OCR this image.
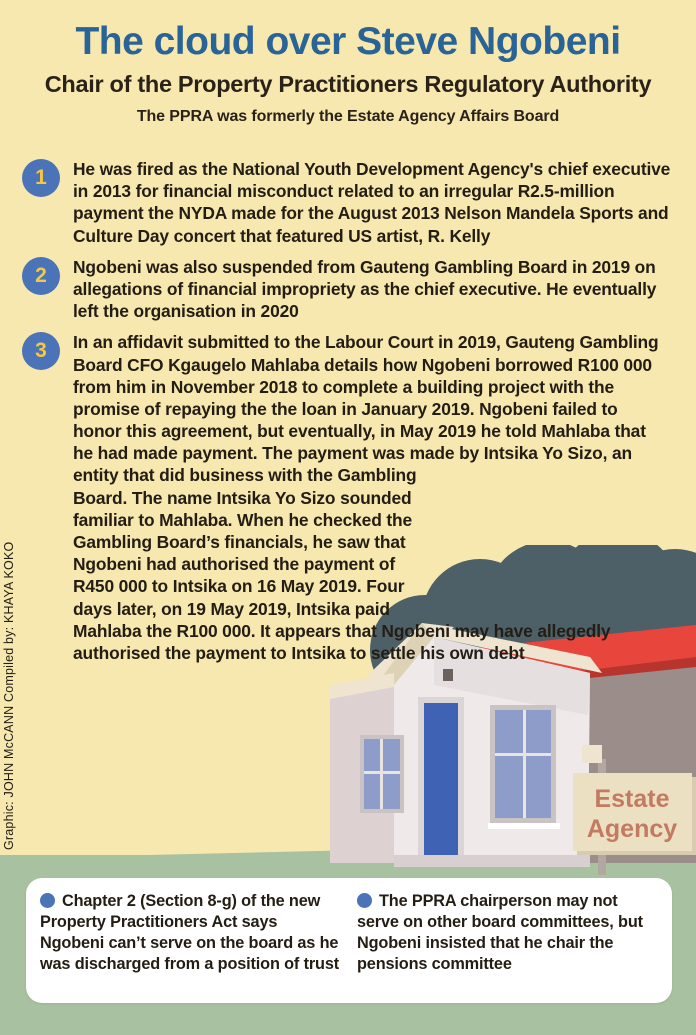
Estate
Agency
The cloud over Steve Ngobeni
Chair of the Property Practitioners Regulatory Authority
The PPRA was formerly the Estate Agency Affairs Board
1	He was fired as the National Youth Development Agency's chief executive in 2013 for financial misconduct related to an irregular R2.5-million payment the NYDA made for the August 2013 Nelson Mandela Sports and Culture Day concert that featured US artist, R. Kelly
2	Ngobeni was also suspended from Gauteng Gambling Board in 2019 on allegations of financial impropriety as the chief executive. He eventually left the organisation in 2020
3	In an affidavit submitted to the Labour Court in 2019, Gauteng Gambling Board CFO Kgaugelo Mahlaba details how Ngobeni borrowed R100 000 from him in November 2018 to complete a building project with the promise of repaying the the loan in January 2019. Ngobeni failed to honor this agreement, but eventually, in May 2019 he told Mahlaba that he had made payment. The payment was made by Intsika Yo Sizo, an entity that did business with the Gambling Board. The name Intsika Yo Sizo sounded familiar to Mahlaba. When he checked the Gambling Board’s financials, he saw that Ngobeni had authorised the payment of R450 000 to Intsika on 16 May 2019. Four days later, on 19 May 2019, Intsika paid Mahlaba the R100 000. It appears that Ngobeni may have allegedly authorised the payment to Intsika to settle his own debt
Graphic: JOHN McCANN Compiled by: KHAYA KOKO
Chapter 2 (Section 8-g) of the new Property Practitioners Act says Ngobeni can’t serve on the board as he was discharged from a position of trust
The PPRA chairperson may not serve on other board committees, but Ngobeni insisted that he chair the pensions committee
